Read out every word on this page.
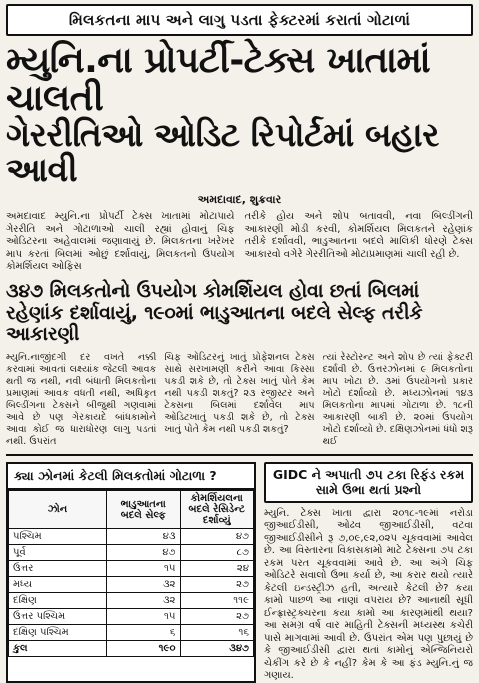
મિલકતના માપ અને લાગુ પડતા ફેક્ટરમાં કરાતાં ગોટાળાં
મ્યુનિ.ના પ્રોપર્ટી-ટેક્સ ખાતામાં ચાલતી
ગેરરીતિઓ ઓડિટ રિપોર્ટમાં બહાર આવી
અમદાવાદ, શુક્રવાર
અમદાવાદ મ્યુનિ.ના પ્રોપર્ટી ટેક્સ ખાતામાં મોટાપાયે ગેરરીતિ અને ગોટાળાઓ ચાલી રહ્યાં હોવાનું ચિફ ઓડિટરના અહેવાલમાં જણાવાયું છે. મિલકતના ખરેખર માપ કરતાં બિલમાં ઓછું દર્શાવાયું, મિલકતનો ઉપયોગ કોમર્શિયલ ઓફિસ
તરીકે હોય અને શોપ બતાવવી, નવા બિલ્ડીંગની આકારણી મોડી કરવી, કોમર્શિયલ મિલકતને રહેણાંક તરીકે દર્શાવવી, ભાડુઆતના બદલે માલિકી ધોરણે ટેક્સ આકારવો વગેરે ગેરરીતિઓ મોટાપ્રમાણમાં ચાલી રહી છે.
૩૪૭ મિલકતોનો ઉપયોગ કોમર્શિયલ હોવા છતાં બિલમાં રહેણાંક દર્શાવાયું, ૧૯૦માં ભાડુઆતના બદલે સેલ્ફ તરીકે આકારણી
મ્યુનિ.નાજીંદગી દર વખતે નક્કી કરવામાં આવતાં લક્ષ્યાંક જેટલી આવક થતી જ નથી, નવી બંધાતી મિલકતોના પ્રમાણમાં આવક વધતી નથી, અધિકૃત બિલ્ડીંગના ટેક્સને બીજુથી ગણવામાં આવે છે પણ ગેરકાયદે બાંધકામોને આવા કોઈ જ ધારાધોરણ લાગુ પડતાં નથી. ઉપરાંત
ચિફ ઓડિટરનું ખાતું પ્રોફેશનલ ટેક્સ સાથે સરખામણી કરીને આવા કિસ્સા પકડી શકે છે, તો ટેક્સ ખાતું પોતે કેમ નથી પકડી શકતું? ૨૩ રજીસ્ટર અને ટેક્સના બિલમાં દર્શાવેલ માપ ઓડિટખાતું પકડી શકે છે, તો ટેક્સ ખાતું પોતે કેમ નથી પકડી શકતું?
ત્યાં રેસ્ટોરન્ટ અને શોપ છે ત્યાં ફેક્ટરી દર્શાવી છે. ઉત્તરઝોનમાં ૯ મિલકતોના માપ ખોટા છે. ૩માં ઉપયોગનો પ્રકાર ખોટો દર્શાવ્યો છે. મધ્યઝોનમાં ૧૪૩ મિલકતોના માપમાં ગોટાળા છે. ૧૮ની આકારણી બાકી છે. ૨૦માં ઉપયોગ ખોટો દર્શાવ્યો છે. દક્ષિણઝોનમાં ધંધો શરૂ થઈ
ક્યા ઝોનમાં કેટલી મિલકતોમાં ગોટાળા ?
ઝોન	ભાડુઆતના બદલે સેલ્ફ	કોમર્શિયલના બદલે રેસિડેન્ટ દર્શાવ્યું
પશ્ચિમ	૪૩	૪૭
પૂર્વ	૪૭	૮૭
ઉત્તર	૧૫	૨૪
મધ્ય	૩૨	૨૭
દક્ષિણ	૩૨	૧૧૯
ઉત્તર પશ્ચિમ	૧૫	૨૭
દક્ષિણ પશ્ચિમ	૬	૧૬
કુલ	૧૯૦	૩૪૭
GIDC ને અપાતી ૭૫ ટકા રિફંડ રકમ સામે ઉભા થતાં પ્રશ્નો
મ્યુનિ. ટેક્સ ખાતા દ્વારા ૨૦૧૮-૧૯માં નરોડા જીઆઈડીસી, ઓઢવ જીઆઈડીસી, વટવા જીઆઈડીસીને રૂ ૭,૦૯,૯૨,૦૨૫ ચૂકવવામાં આવેલ છે. આ વિસ્તારના વિકાસકામો માટે ટેક્સના ૭૫ ટકા રકમ પરત ચૂકવવામાં આવે છે. આ અંગે ચિફ ઓડિટરે સવાલો ઉભા કર્યા છે, આ કરાર થયો ત્યારે કેટલી ઇન્ડસ્ટ્રીઝ હતી, અત્યારે કેટલી છે? કયા કામો પાછળ આ નાણાં વપરાય છે? આનાથી સૂધી ઈન્ફ્રાસ્ટ્રક્ચરના કયા કામો આ કારણમાંથી થયા? આ સમગ્ર વર્ષ વાર માહિતી ટેક્સની મધ્યસ્થ કચેરી પાસે માગવામાં આવી છે. ઉપરાંત એમ પણ પુછાયું છે કે જીઆઈડીસી દ્વારા થતાં કામોનું એન્જિનિયરો ચેકીંગ કરે છે કે નહીં? કેમ કે આ ફંડ મ્યુનિ.નું જ ગણાય.
